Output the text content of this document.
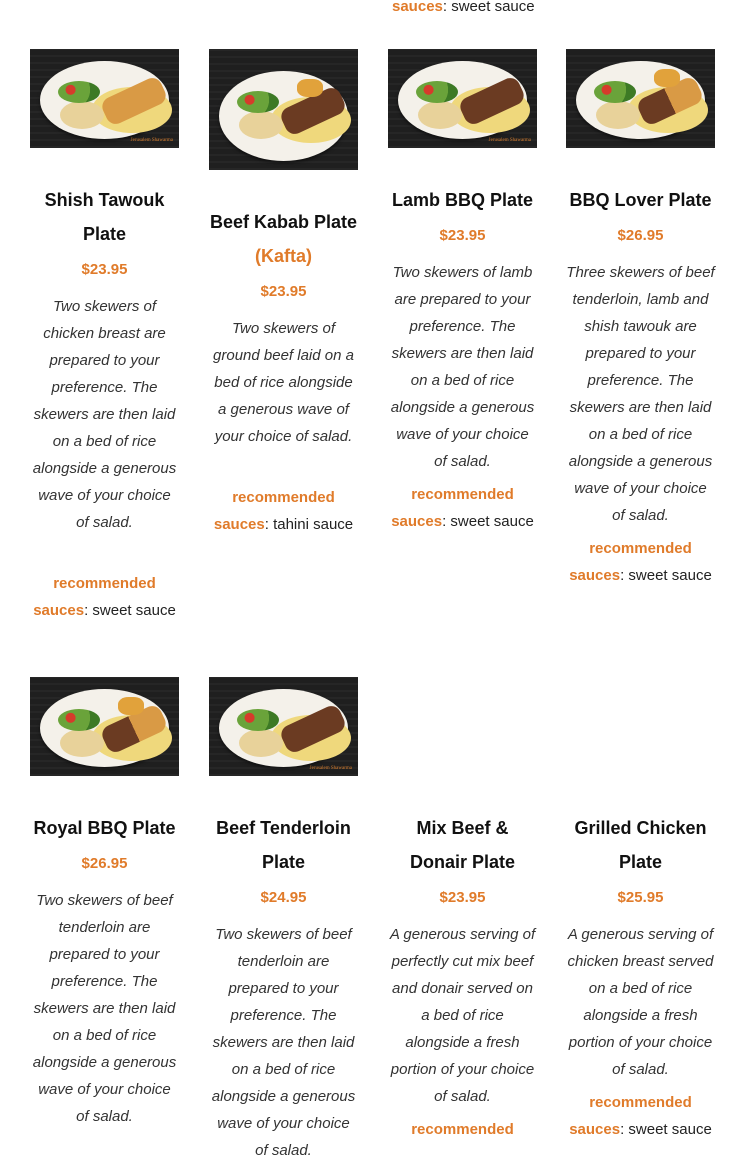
sauces: sweet sauce
Jerusalem Shawarma
Shish Tawouk Plate
$23.95
Two skewers of chicken breast are prepared to your preference. The skewers are then laid on a bed of rice alongside a generous wave of your choice of salad.
recommended sauces: sweet sauce
Beef Kabab Plate
(Kafta)
$23.95
Two skewers of ground beef laid on a bed of rice alongside a generous wave of your choice of salad.
recommended sauces: tahini sauce
Jerusalem Shawarma
Lamb BBQ Plate
$23.95
Two skewers of lamb are prepared to your preference. The skewers are then laid on a bed of rice alongside a generous wave of your choice of salad.
recommended sauces: sweet sauce
BBQ Lover Plate
$26.95
Three skewers of beef tenderloin, lamb and shish tawouk are prepared to your preference. The skewers are then laid on a bed of rice alongside a generous wave of your choice of salad.
recommended sauces: sweet sauce
Royal BBQ Plate
$26.95
Two skewers of beef tenderloin are prepared to your preference. The skewers are then laid on a bed of rice alongside a generous wave of your choice of salad.
Jerusalem Shawarma
Beef Tenderloin Plate
$24.95
Two skewers of beef tenderloin are prepared to your preference. The skewers are then laid on a bed of rice alongside a generous wave of your choice of salad.
Mix Beef & Donair Plate
$23.95
A generous serving of perfectly cut mix beef and donair served on a bed of rice alongside a fresh portion of your choice of salad.
recommended
Grilled Chicken Plate
$25.95
A generous serving of chicken breast served on a bed of rice alongside a fresh portion of your choice of salad.
recommended sauces: sweet sauce
